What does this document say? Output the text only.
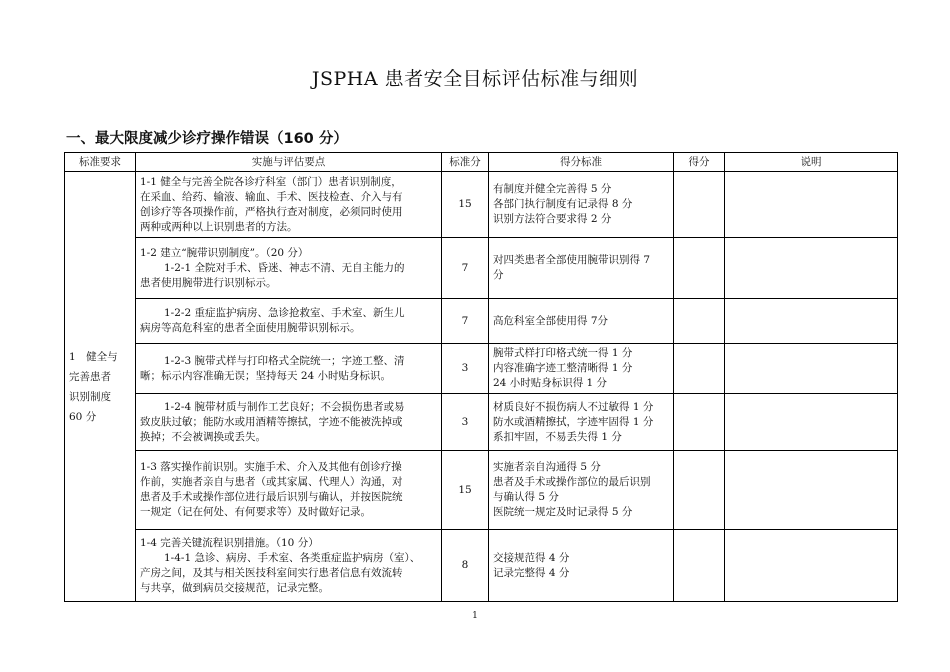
JSPHA 患者安全目标评估标准与细则
一、最大限度减少诊疗操作错误（160 分）
标准要求	实施与评估要点	标准分	得分标准	得分	说明

1　健全与
完善患者
识别制度
60 分	1-1 健全与完善全院各诊疗科室（部门）患者识别制度，
在采血、给药、输液、输血、手术、医技检查、介入与有
创诊疗等各项操作前，严格执行查对制度，必须同时使用
两种或两种以上识别患者的方法。	15	有制度并健全完善得 5 分
各部门执行制度有记录得 8 分
识别方法符合要求得 2 分		

	1-2 建立“腕带识别制度”。（20 分）
1-2-1 全院对手术、昏迷、神志不清、无自主能力的
患者使用腕带进行识别标示。	7	对四类患者全部使用腕带识别得 7
分		

	1-2-2 重症监护病房、急诊抢救室、手术室、新生儿
病房等高危科室的患者全面使用腕带识别标示。	7	高危科室全部使用得 7分		

	1-2-3 腕带式样与打印格式全院统一；字迹工整、清
晰；标示内容准确无误；坚持每天 24 小时贴身标识。	3	腕带式样打印格式统一得 1 分
内容准确字迹工整清晰得 1 分
24 小时贴身标识得 1 分		

	1-2-4 腕带材质与制作工艺良好；不会损伤患者或易
致皮肤过敏；能防水或用酒精等擦拭，字迹不能被洗掉或
换掉；不会被调换或丢失。	3	材质良好不损伤病人不过敏得 1 分
防水或酒精擦拭，字迹牢固得 1 分
系扣牢固，不易丢失得 1 分		

	1-3 落实操作前识别。实施手术、介入及其他有创诊疗操
作前，实施者亲自与患者（或其家属、代理人）沟通，对
患者及手术或操作部位进行最后识别与确认，并按医院统
一规定（记在何处、有何要求等）及时做好记录。	15	实施者亲自沟通得 5 分
患者及手术或操作部位的最后识别
与确认得 5 分
医院统一规定及时记录得 5 分		

	1-4 完善关键流程识别措施。（10 分）
1-4-1 急诊、病房、手术室、各类重症监护病房（室）、
产房之间，及其与相关医技科室间实行患者信息有效流转
与共享，做到病员交接规范，记录完整。	8	交接规范得 4 分
记录完整得 4 分		

1
